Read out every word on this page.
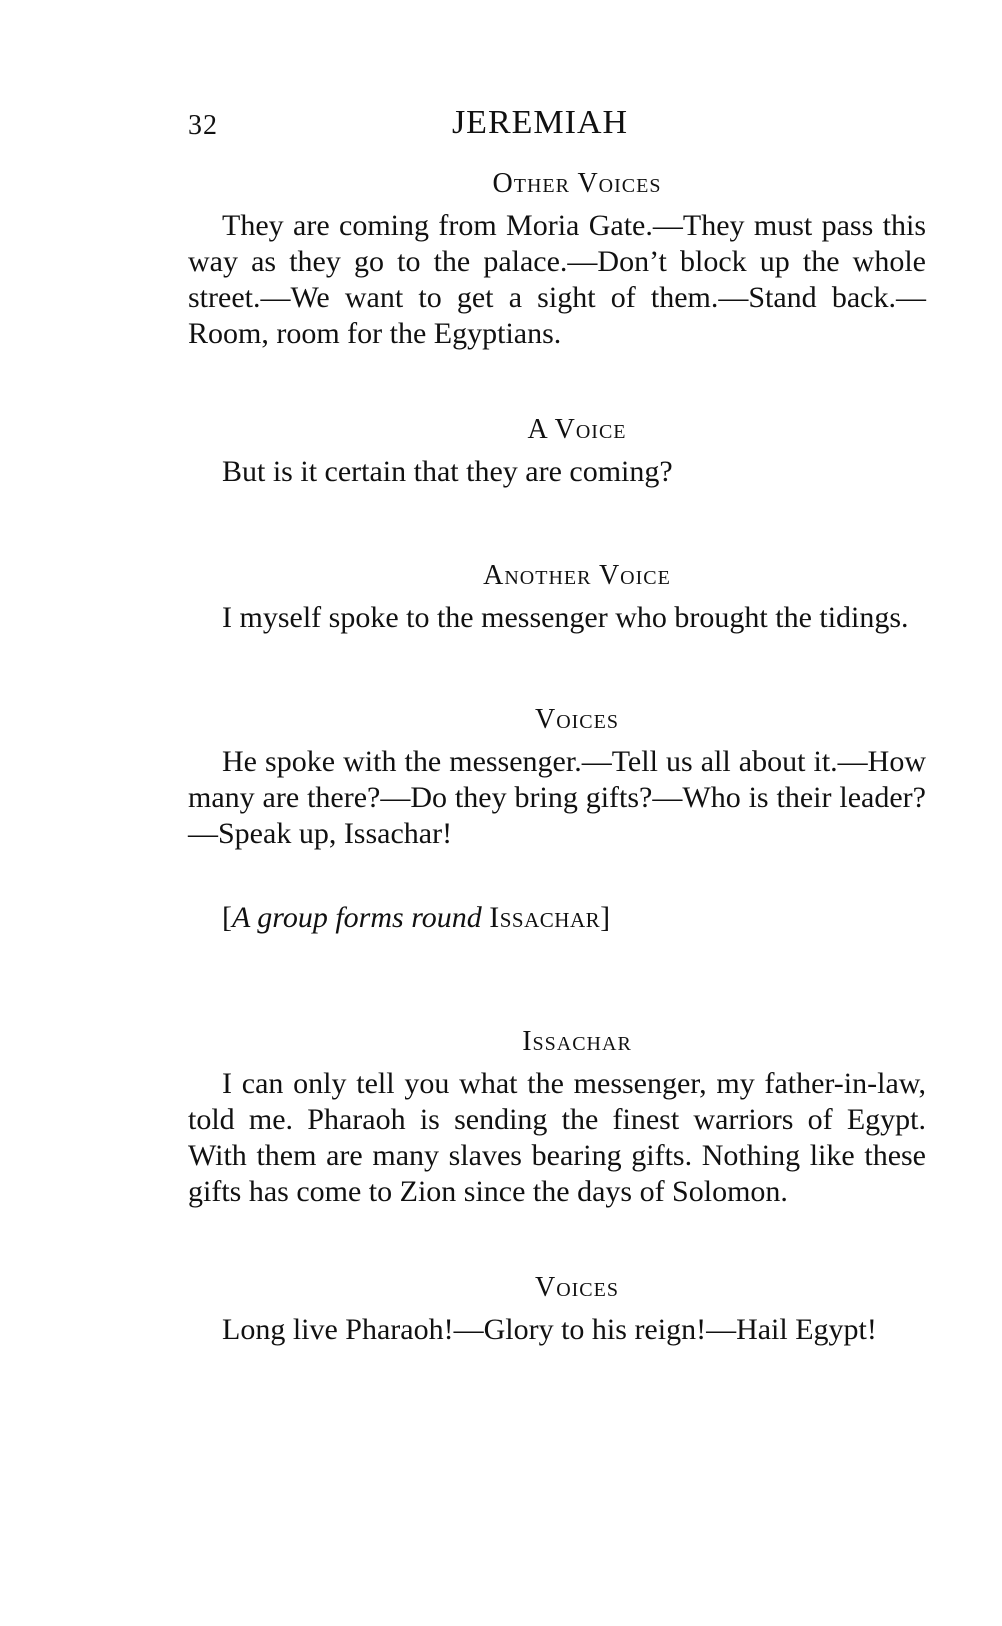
32	JEREMIAH
Other Voices
They are coming from Moria Gate.—They must pass this way as they go to the palace.—Don’t block up the whole street.—We want to get a sight of them.—Stand back.—Room, room for the Egyptians.
A Voice
But is it certain that they are coming?
Another Voice
I myself spoke to the messenger who brought the tidings.
Voices
He spoke with the messenger.—Tell us all about it.—How many are there?—Do they bring gifts?—Who is their leader?—Speak up, Issachar!
[A group forms round Issachar]
Issachar
I can only tell you what the messenger, my father-in-law, told me. Pharaoh is sending the finest warriors of Egypt. With them are many slaves bearing gifts. Nothing like these gifts has come to Zion since the days of Solomon.
Voices
Long live Pharaoh!—Glory to his reign!—Hail Egypt!
